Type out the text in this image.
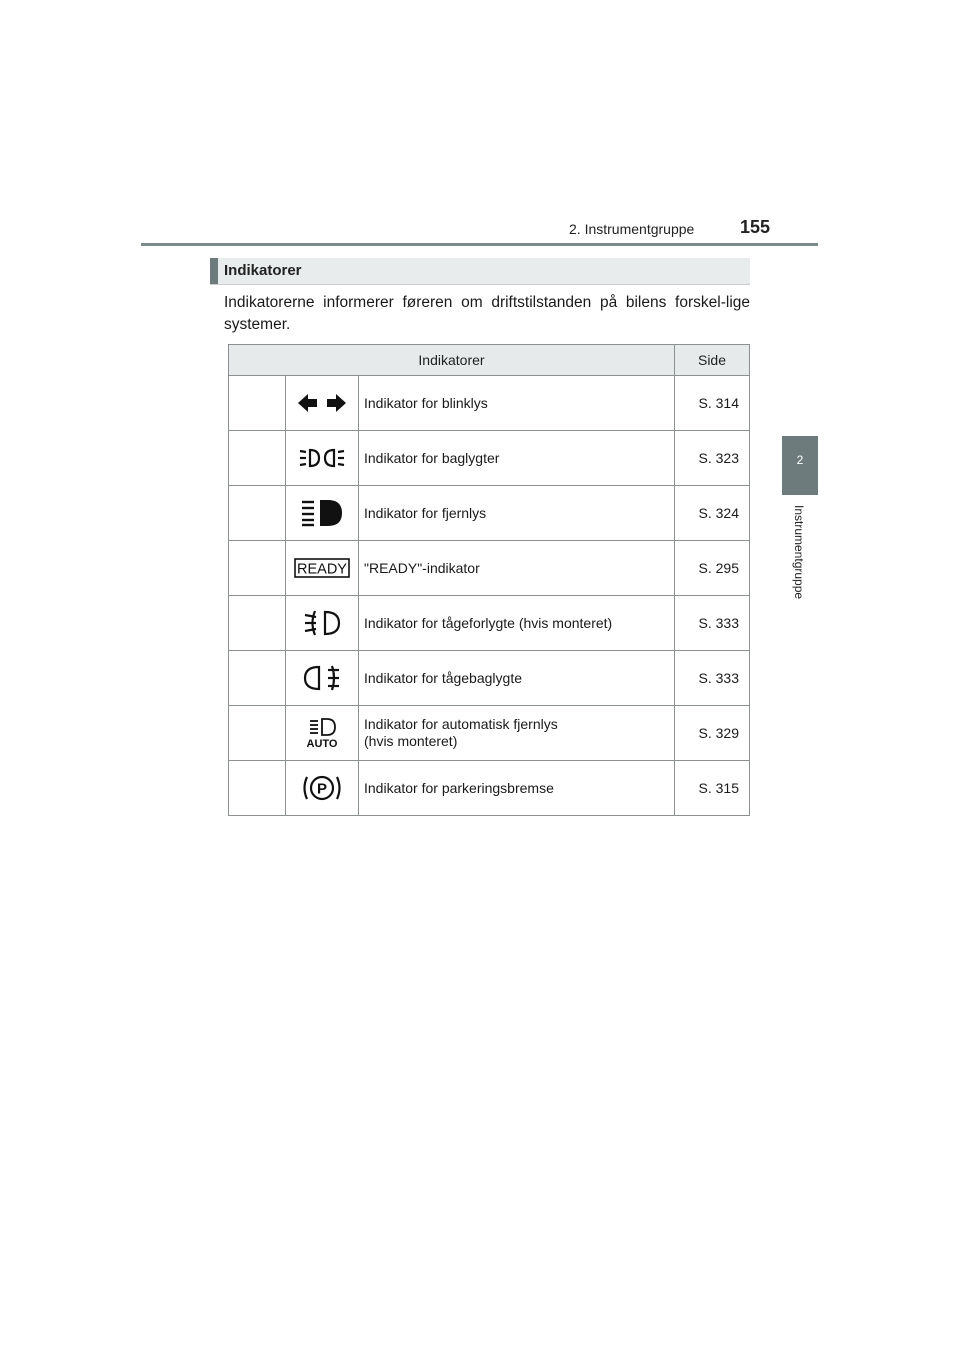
2. Instrumentgruppe	155
2
Instrumentgruppe
Indikatorer
Indikatorerne informerer føreren om driftstilstanden på bilens forskel-lige systemer.
Indikatorer			Side
		Indikator for blinklys	S. 314
		Indikator for baglygter	S. 323
		Indikator for fjernlys	S. 324

READY	"READY"-indikator	S. 295
		Indikator for tågeforlygte (hvis monteret)	S. 333
		Indikator for tågebaglygte	S. 333

AUTO	Indikator for automatisk fjernlys
(hvis monteret)	S. 329

P	Indikator for parkeringsbremse	S. 315
